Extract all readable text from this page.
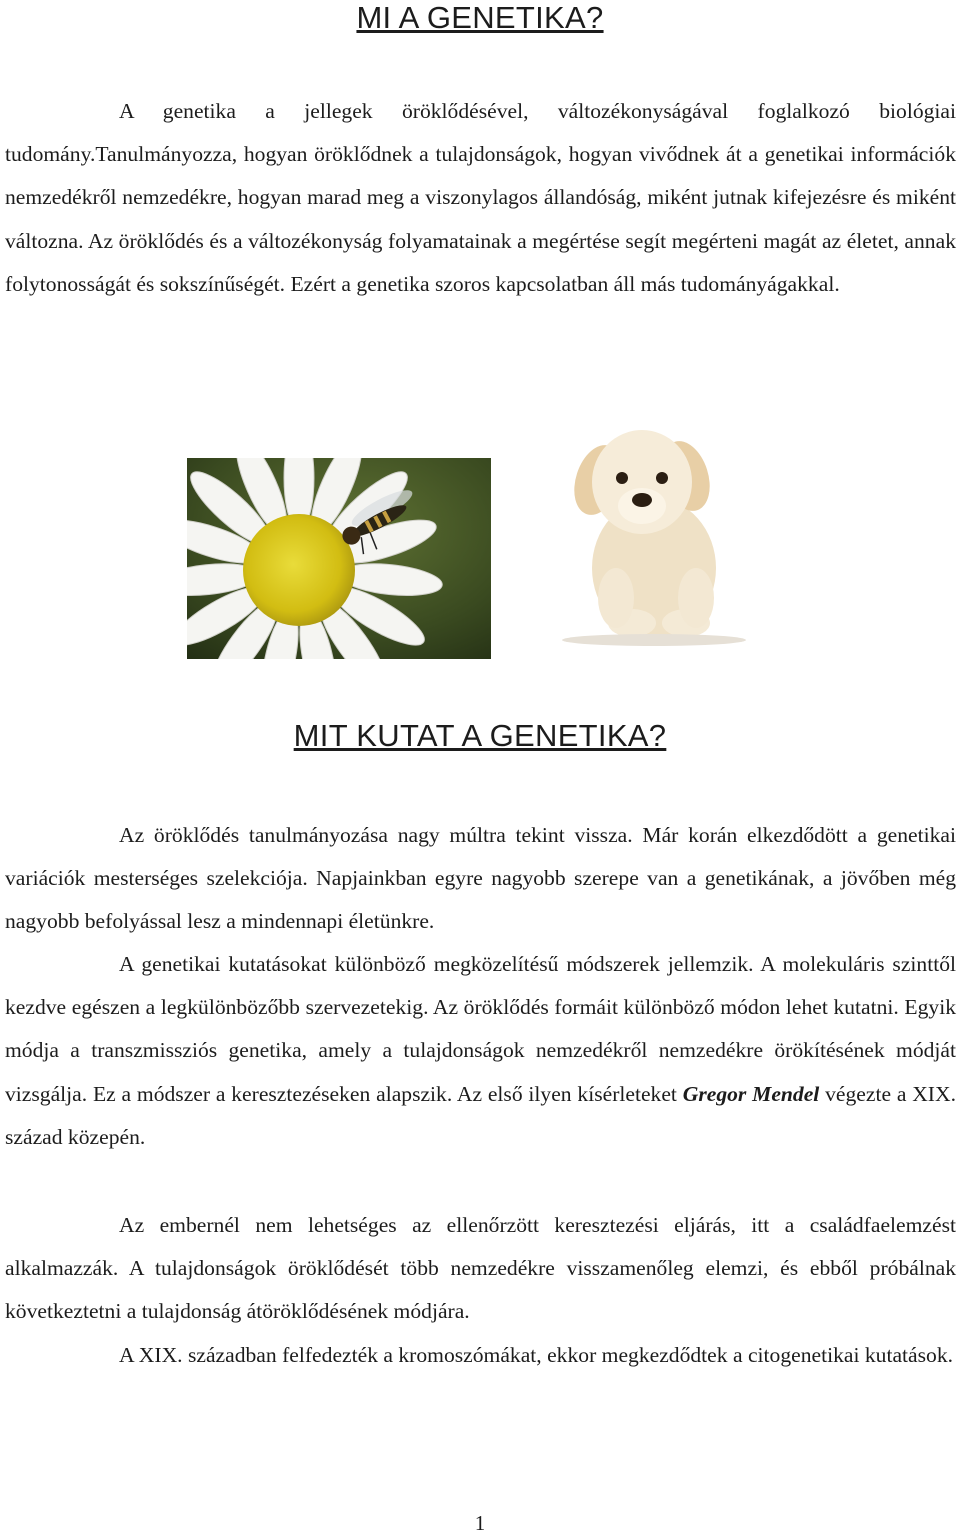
MI A GENETIKA?

A genetika a jellegek öröklődésével, változékonyságával foglalkozó biológiai tudomány.Tanulmányozza, hogyan öröklődnek a tulajdonságok, hogyan vivődnek át a genetikai információk nemzedékről nemzedékre, hogyan marad meg a viszonylagos állandóság, miként jutnak kifejezésre és miként változna. Az öröklődés és a változékonyság folyamatainak a megértése segít megérteni magát az életet, annak folytonosságát és sokszínűségét. Ezért a genetika szoros kapcsolatban áll más tudományágakkal.

MIT KUTAT A GENETIKA?

Az öröklődés tanulmányozása nagy múltra tekint vissza. Már korán elkezdődött a genetikai variációk mesterséges szelekciója. Napjainkban egyre nagyobb szerepe van a genetikának, a jövőben még nagyobb befolyással lesz a mindennapi életünkre.

A genetikai kutatásokat különböző megközelítésű módszerek jellemzik. A molekuláris szinttől kezdve egészen a legkülönbözőbb szervezetekig. Az öröklődés formáit különböző módon lehet kutatni. Egyik módja a transzmissziós genetika, amely a tulajdonságok nemzedékről nemzedékre örökítésének módját vizsgálja. Ez a módszer a keresztezéseken alapszik. Az első ilyen kísérleteket Gregor Mendel végezte a XIX. század közepén.

Az embernél nem lehetséges az ellenőrzött keresztezési eljárás, itt a családfaelemzést alkalmazzák. A tulajdonságok öröklődését több nemzedékre visszamenőleg elemzi, és ebből próbálnak következtetni a tulajdonság átöröklődésének módjára.

A XIX. században felfedezték a kromoszómákat, ekkor megkezdődtek a citogenetikai kutatások.

1
